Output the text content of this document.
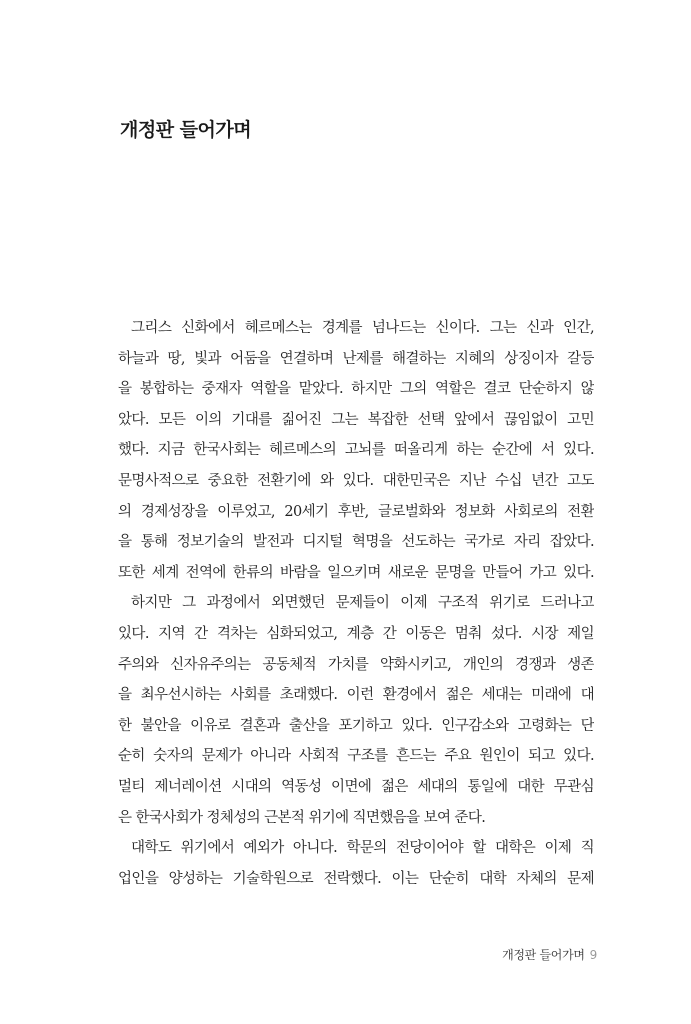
개정판 들어가며
그리스 신화에서 헤르메스는 경계를 넘나드는 신이다. 그는 신과 인간,
하늘과 땅, 빛과 어둠을 연결하며 난제를 해결하는 지혜의 상징이자 갈등
을 봉합하는 중재자 역할을 맡았다. 하지만 그의 역할은 결코 단순하지 않
았다. 모든 이의 기대를 짊어진 그는 복잡한 선택 앞에서 끊임없이 고민
했다. 지금 한국사회는 헤르메스의 고뇌를 떠올리게 하는 순간에 서 있다.
문명사적으로 중요한 전환기에 와 있다. 대한민국은 지난 수십 년간 고도
의 경제성장을 이루었고, 20세기 후반, 글로벌화와 정보화 사회로의 전환
을 통해 정보기술의 발전과 디지털 혁명을 선도하는 국가로 자리 잡았다.
또한 세계 전역에 한류의 바람을 일으키며 새로운 문명을 만들어 가고 있다.
하지만 그 과정에서 외면했던 문제들이 이제 구조적 위기로 드러나고
있다. 지역 간 격차는 심화되었고, 계층 간 이동은 멈춰 섰다. 시장 제일
주의와 신자유주의는 공동체적 가치를 약화시키고, 개인의 경쟁과 생존
을 최우선시하는 사회를 초래했다. 이런 환경에서 젊은 세대는 미래에 대
한 불안을 이유로 결혼과 출산을 포기하고 있다. 인구감소와 고령화는 단
순히 숫자의 문제가 아니라 사회적 구조를 흔드는 주요 원인이 되고 있다.
멀티 제너레이션 시대의 역동성 이면에 젊은 세대의 통일에 대한 무관심
은 한국사회가 정체성의 근본적 위기에 직면했음을 보여 준다.
대학도 위기에서 예외가 아니다. 학문의 전당이어야 할 대학은 이제 직
업인을 양성하는 기술학원으로 전락했다. 이는 단순히 대학 자체의 문제
개정판 들어가며 9
